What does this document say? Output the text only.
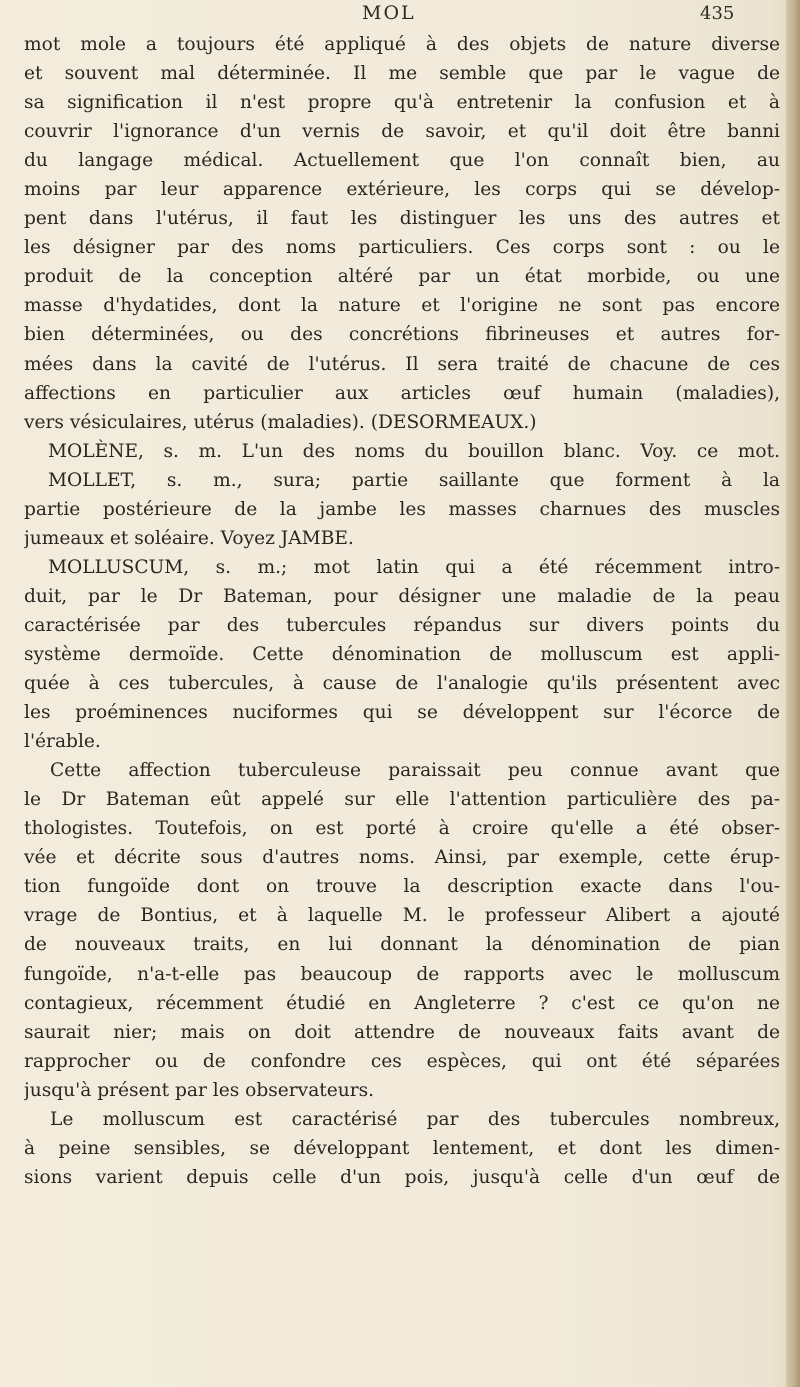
MOL	435
mot mole a toujours été appliqué à des objets de nature diverse
et souvent mal déterminée. Il me semble que par le vague de
sa signification il n'est propre qu'à entretenir la confusion et à
couvrir l'ignorance d'un vernis de savoir, et qu'il doit être banni
du langage médical. Actuellement que l'on connaît bien, au
moins par leur apparence extérieure, les corps qui se dévelop-
pent dans l'utérus, il faut les distinguer les uns des autres et
les désigner par des noms particuliers. Ces corps sont : ou le
produit de la conception altéré par un état morbide, ou une
masse d'hydatides, dont la nature et l'origine ne sont pas encore
bien déterminées, ou des concrétions fibrineuses et autres for-
mées dans la cavité de l'utérus. Il sera traité de chacune de ces
affections en particulier aux articles œuf humain (maladies),
vers vésiculaires, utérus (maladies). (DESORMEAUX.)
MOLÈNE, s. m. L'un des noms du bouillon blanc. Voy. ce mot.
MOLLET, s. m., sura; partie saillante que forment à la
partie postérieure de la jambe les masses charnues des muscles
jumeaux et soléaire. Voyez JAMBE.
MOLLUSCUM, s. m.; mot latin qui a été récemment intro-
duit, par le Dr Bateman, pour désigner une maladie de la peau
caractérisée par des tubercules répandus sur divers points du
système dermoïde. Cette dénomination de molluscum est appli-
quée à ces tubercules, à cause de l'analogie qu'ils présentent avec
les proéminences nuciformes qui se développent sur l'écorce de
l'érable.
Cette affection tuberculeuse paraissait peu connue avant que
le Dr Bateman eût appelé sur elle l'attention particulière des pa-
thologistes. Toutefois, on est porté à croire qu'elle a été obser-
vée et décrite sous d'autres noms. Ainsi, par exemple, cette érup-
tion fungoïde dont on trouve la description exacte dans l'ou-
vrage de Bontius, et à laquelle M. le professeur Alibert a ajouté
de nouveaux traits, en lui donnant la dénomination de pian
fungoïde, n'a-t-elle pas beaucoup de rapports avec le molluscum
contagieux, récemment étudié en Angleterre ? c'est ce qu'on ne
saurait nier; mais on doit attendre de nouveaux faits avant de
rapprocher ou de confondre ces espèces, qui ont été séparées
jusqu'à présent par les observateurs.
Le molluscum est caractérisé par des tubercules nombreux,
à peine sensibles, se développant lentement, et dont les dimen-
sions varient depuis celle d'un pois, jusqu'à celle d'un œuf de
